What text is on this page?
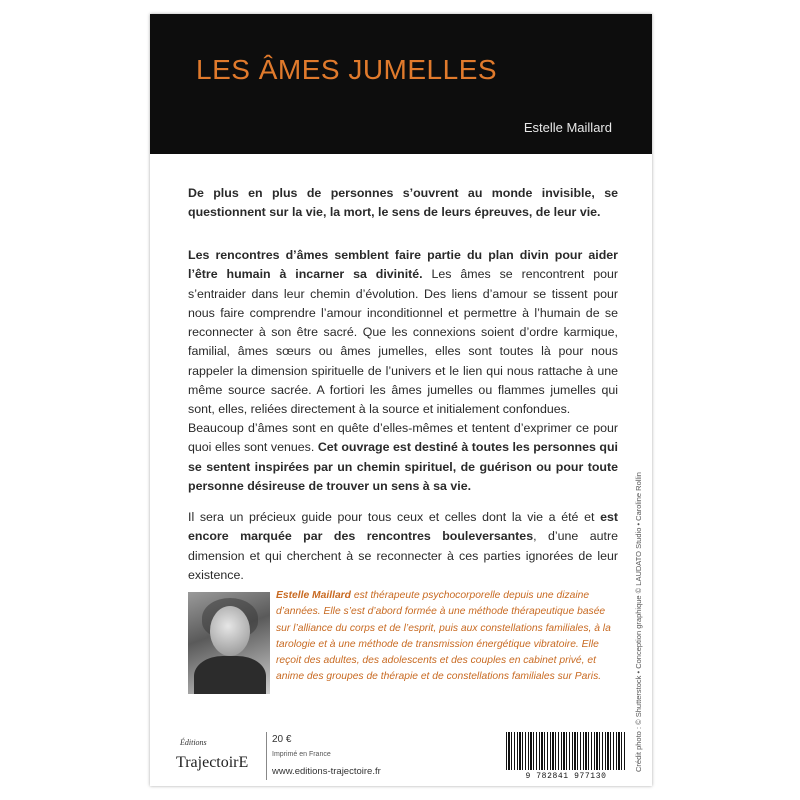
LES ÂMES JUMELLES
Estelle Maillard

De plus en plus de personnes s’ouvrent au monde invisible, se questionnent sur la vie, la mort, le sens de leurs épreuves, de leur vie.

Les rencontres d’âmes semblent faire partie du plan divin pour aider l’être humain à incarner sa divinité. Les âmes se rencontrent pour s’entraider dans leur chemin d’évolution. Des liens d’amour se tissent pour nous faire comprendre l’amour inconditionnel et permettre à l’humain de se reconnecter à son être sacré. Que les connexions soient d’ordre karmique, familial, âmes sœurs ou âmes jumelles, elles sont toutes là pour nous rappeler la dimension spirituelle de l’univers et le lien qui nous rattache à une même source sacrée. A fortiori les âmes jumelles ou flammes jumelles qui sont, elles, reliées directement à la source et initialement confondues.

Beaucoup d’âmes sont en quête d’elles-mêmes et tentent d’exprimer ce pour quoi elles sont venues. Cet ouvrage est destiné à toutes les personnes qui se sentent inspirées par un chemin spirituel, de guérison ou pour toute personne désireuse de trouver un sens à sa vie.

Il sera un précieux guide pour tous ceux et celles dont la vie a été et est encore marquée par des rencontres bouleversantes, d’une autre dimension et qui cherchent à se reconnecter à ces parties ignorées de leur existence.

Estelle Maillard est thérapeute psychocorporelle depuis une dizaine d’années. Elle s’est d’abord formée à une méthode thérapeutique basée sur l’alliance du corps et de l’esprit, puis aux constellations familiales, à la tarologie et à une méthode de transmission énergétique vibratoire. Elle reçoit des adultes, des adolescents et des couples en cabinet privé, et anime des groupes de thérapie et de constellations familiales sur Paris.	Crédit photo : © Shutterstock • Conception graphique © LAUDATO Studio • Caroline Rollin
Éditions
TrajectoirE
20 €
Imprimé en France
www.editions-trajectoire.fr	9 782841 977130
